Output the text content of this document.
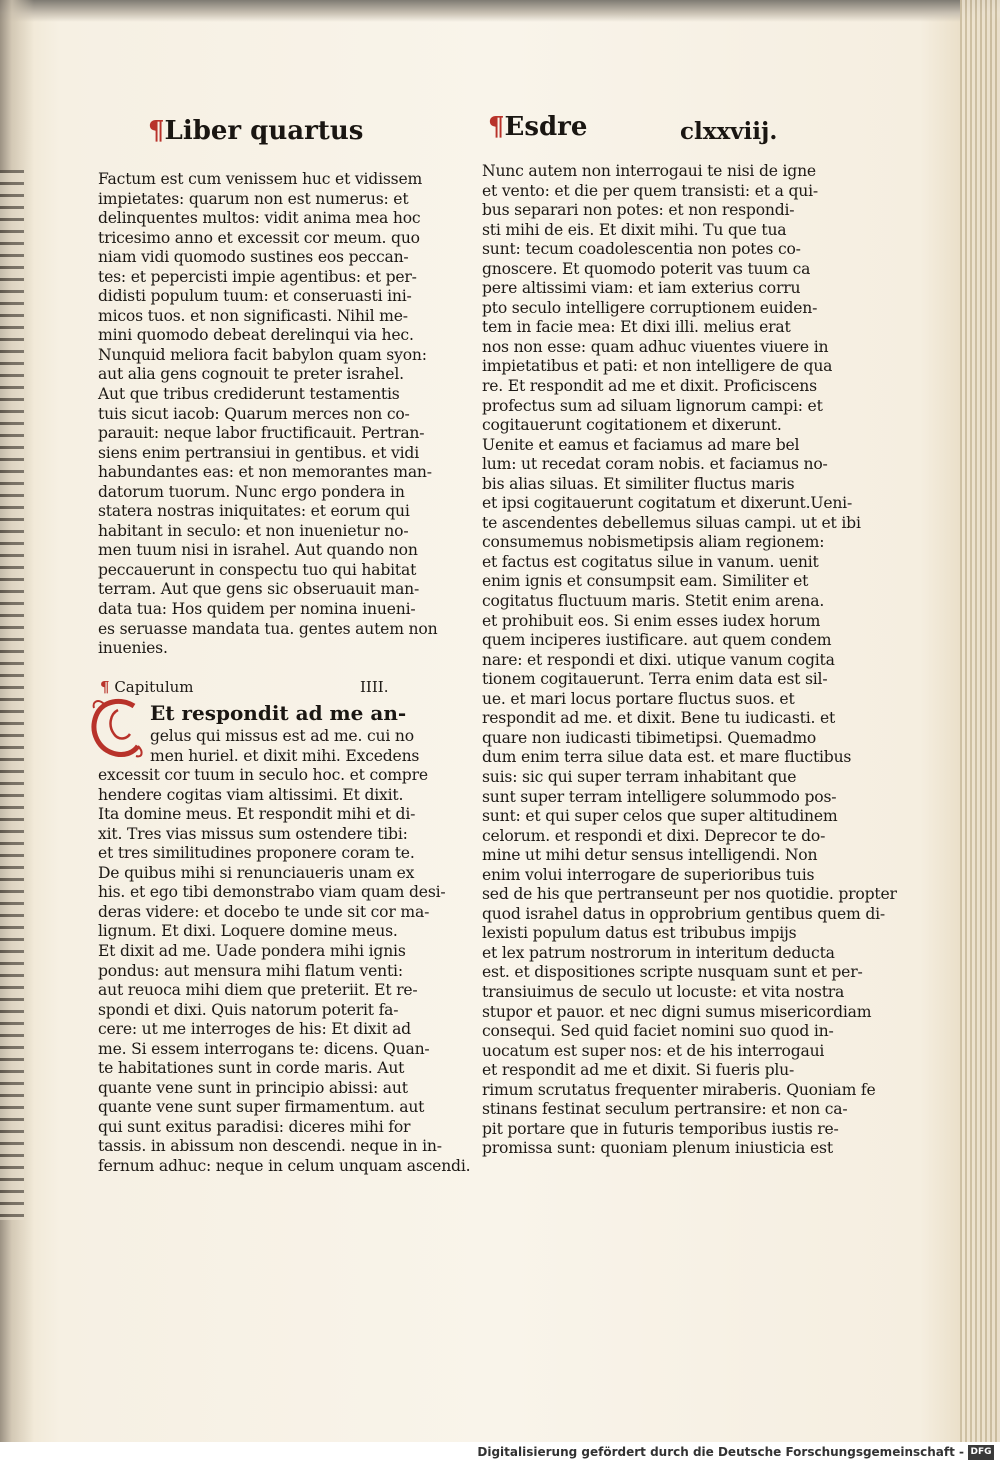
¶Liber quartus	¶Esdre	clxxviij.
Factum est cum venissem huc et vidissem
impietates: quarum non est numerus: et
delinquentes multos: vidit anima mea hoc
tricesimo anno et excessit cor meum. quo
niam vidi quomodo sustines eos peccan-
tes: et pepercisti impie agentibus: et per-
didisti populum tuum: et conseruasti ini-
micos tuos. et non significasti. Nihil me-
mini quomodo debeat derelinqui via hec.
Nunquid meliora facit babylon quam syon:
aut alia gens cognouit te preter israhel.
Aut que tribus crediderunt testamentis
tuis sicut iacob: Quarum merces non co-
parauit: neque labor fructificauit. Pertran-
siens enim pertransiui in gentibus. et vidi
habundantes eas: et non memorantes man-
datorum tuorum. Nunc ergo pondera in
statera nostras iniquitates: et eorum qui
habitant in seculo: et non inuenietur no-
men tuum nisi in israhel. Aut quando non
peccauerunt in conspectu tuo qui habitat
terram. Aut que gens sic obseruauit man-
data tua: Hos quidem per nomina inueni-
es seruasse mandata tua. gentes autem non
inuenies.
¶ Capitulum	IIII.
Et respondit ad me an-
gelus qui missus est ad me. cui no
men huriel. et dixit mihi. Excedens
excessit cor tuum in seculo hoc. et compre
hendere cogitas viam altissimi. Et dixit.
Ita domine meus. Et respondit mihi et di-
xit. Tres vias missus sum ostendere tibi:
et tres similitudines proponere coram te.
De quibus mihi si renunciaueris unam ex
his. et ego tibi demonstrabo viam quam desi-
deras videre: et docebo te unde sit cor ma-
lignum. Et dixi. Loquere domine meus.
Et dixit ad me. Uade pondera mihi ignis
pondus: aut mensura mihi flatum venti:
aut reuoca mihi diem que preteriit. Et re-
spondi et dixi. Quis natorum poterit fa-
cere: ut me interroges de his: Et dixit ad
me. Si essem interrogans te: dicens. Quan-
te habitationes sunt in corde maris. Aut
quante vene sunt in principio abissi: aut
quante vene sunt super firmamentum. aut
qui sunt exitus paradisi: diceres mihi for
tassis. in abissum non descendi. neque in in-
fernum adhuc: neque in celum unquam ascendi.
Nunc autem non interrogaui te nisi de igne
et vento: et die per quem transisti: et a qui-
bus separari non potes: et non respondi-
sti mihi de eis. Et dixit mihi. Tu que tua
sunt: tecum coadolescentia non potes co-
gnoscere. Et quomodo poterit vas tuum ca
pere altissimi viam: et iam exterius corru
pto seculo intelligere corruptionem euiden-
tem in facie mea: Et dixi illi. melius erat
nos non esse: quam adhuc viuentes viuere in
impietatibus et pati: et non intelligere de qua
re. Et respondit ad me et dixit. Proficiscens
profectus sum ad siluam lignorum campi: et
cogitauerunt cogitationem et dixerunt.
Uenite et eamus et faciamus ad mare bel
lum: ut recedat coram nobis. et faciamus no-
bis alias siluas. Et similiter fluctus maris
et ipsi cogitauerunt cogitatum et dixerunt.Ueni-
te ascendentes debellemus siluas campi. ut et ibi
consumemus nobismetipsis aliam regionem:
et factus est cogitatus silue in vanum. uenit
enim ignis et consumpsit eam. Similiter et
cogitatus fluctuum maris. Stetit enim arena.
et prohibuit eos. Si enim esses iudex horum
quem inciperes iustificare. aut quem condem
nare: et respondi et dixi. utique vanum cogita
tionem cogitauerunt. Terra enim data est sil-
ue. et mari locus portare fluctus suos. et
respondit ad me. et dixit. Bene tu iudicasti. et
quare non iudicasti tibimetipsi. Quemadmo
dum enim terra silue data est. et mare fluctibus
suis: sic qui super terram inhabitant que
sunt super terram intelligere solummodo pos-
sunt: et qui super celos que super altitudinem
celorum. et respondi et dixi. Deprecor te do-
mine ut mihi detur sensus intelligendi. Non
enim volui interrogare de superioribus tuis
sed de his que pertranseunt per nos quotidie. propter
quod israhel datus in opprobrium gentibus quem di-
lexisti populum datus est tribubus impijs
et lex patrum nostrorum in interitum deducta
est. et dispositiones scripte nusquam sunt et per-
transiuimus de seculo ut locuste: et vita nostra
stupor et pauor. et nec digni sumus misericordiam
consequi. Sed quid faciet nomini suo quod in-
uocatum est super nos: et de his interrogaui
et respondit ad me et dixit. Si fueris plu-
rimum scrutatus frequenter miraberis. Quoniam fe
stinans festinat seculum pertransire: et non ca-
pit portare que in futuris temporibus iustis re-
promissa sunt: quoniam plenum iniusticia est
Digitalisierung gefördert durch die Deutsche Forschungsgemeinschaft - DFG
